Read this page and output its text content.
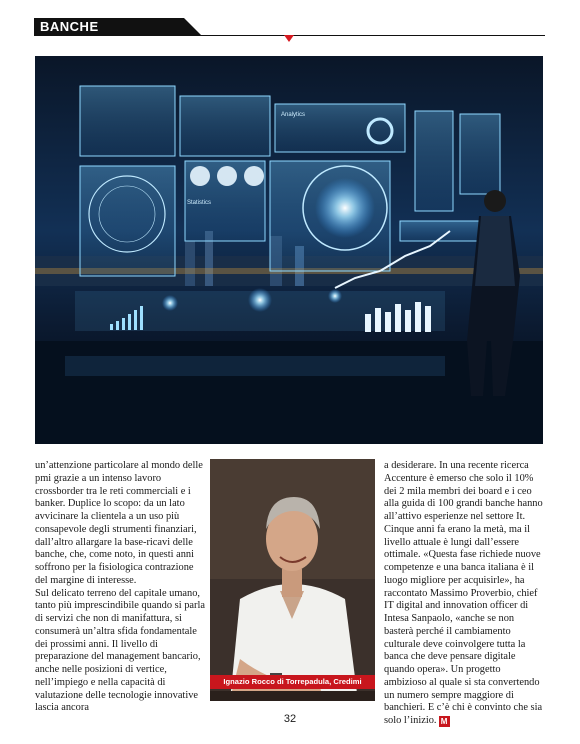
BANCHE
Analytics
Statistics

un’attenzione particolare al mondo delle pmi grazie a un intenso lavoro crossborder tra le reti commerciali e i banker. Duplice lo scopo: da un lato avvicinare la clientela a un uso più consapevole degli strumenti finanziari, dall’altro allargare la base-ricavi delle banche, che, come noto, in questi anni soffrono per la fisiologica contrazione del margine di interesse.

Sul delicato terreno del capitale umano, tanto più imprescindibile quando si parla di servizi che non di manifattura, si consumerà un’altra sfida fondamentale dei prossimi anni. Il livello di preparazione del management bancario, anche nelle posizioni di vertice, nell’impiego e nella capacità di valutazione delle tecnologie innovative lascia ancora

Ignazio Rocco di Torrepadula, Credimi

a desiderare. In una recente ricerca Accenture è emerso che solo il 10% dei 2 mila membri dei board e i ceo alla guida di 100 grandi banche hanno all’attivo esperienze nel settore It. Cinque anni fa erano la metà, ma il livello attuale è lungi dall’essere ottimale. «Questa fase richiede nuove competenze e una banca italiana è il luogo migliore per acquisirle», ha raccontato Massimo Proverbio, chief IT digital and innovation officer di Intesa Sanpaolo, «anche se non basterà perché il cambiamento culturale deve coinvolgere tutta la banca che deve pensare digitale quando opera». Un progetto ambizioso al quale si sta convertendo un numero sempre maggiore di banchieri. E c’è chi è convinto che sia solo l’inizio. M

32
